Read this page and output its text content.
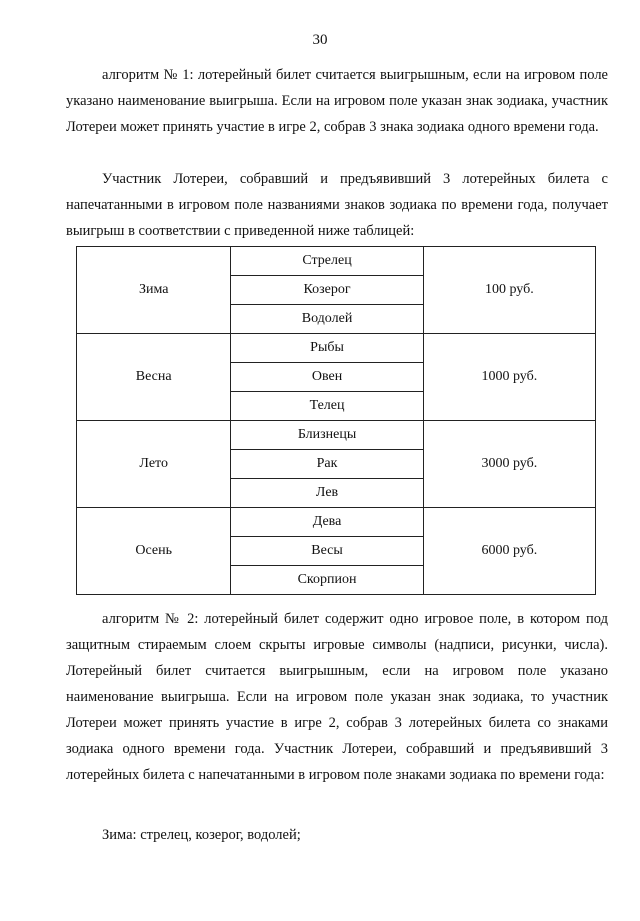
30

алгоритм № 1: лотерейный билет считается выигрышным, если на игровом поле указано наименование выигрыша. Если на игровом поле указан знак зодиака, участник Лотереи может принять участие в игре 2, собрав 3 знака зодиака одного времени года.

Участник Лотереи, собравший и предъявивший 3 лотерейных билета с напечатанными в игровом поле названиями знаков зодиака по времени года, получает выигрыш в соответствии с приведенной ниже таблицей:

Зима	Стрелец	100 руб.
	Козерог	
	Водолей	
Весна	Рыбы	1000 руб.
	Овен	
	Телец	
Лето	Близнецы	3000 руб.
	Рак	
	Лев	
Осень	Дева	6000 руб.
	Весы	
	Скорпион	

алгоритм № 2: лотерейный билет содержит одно игровое поле, в котором под защитным стираемым слоем скрыты игровые символы (надписи, рисунки, числа). Лотерейный билет считается выигрышным, если на игровом поле указано наименование выигрыша. Если на игровом поле указан знак зодиака, то участник Лотереи может принять участие в игре 2, собрав 3 лотерейных билета со знаками зодиака одного времени года. Участник Лотереи, собравший и предъявивший 3 лотерейных билета с напечатанными в игровом поле знаками зодиака по времени года:

Зима: стрелец, козерог, водолей;
